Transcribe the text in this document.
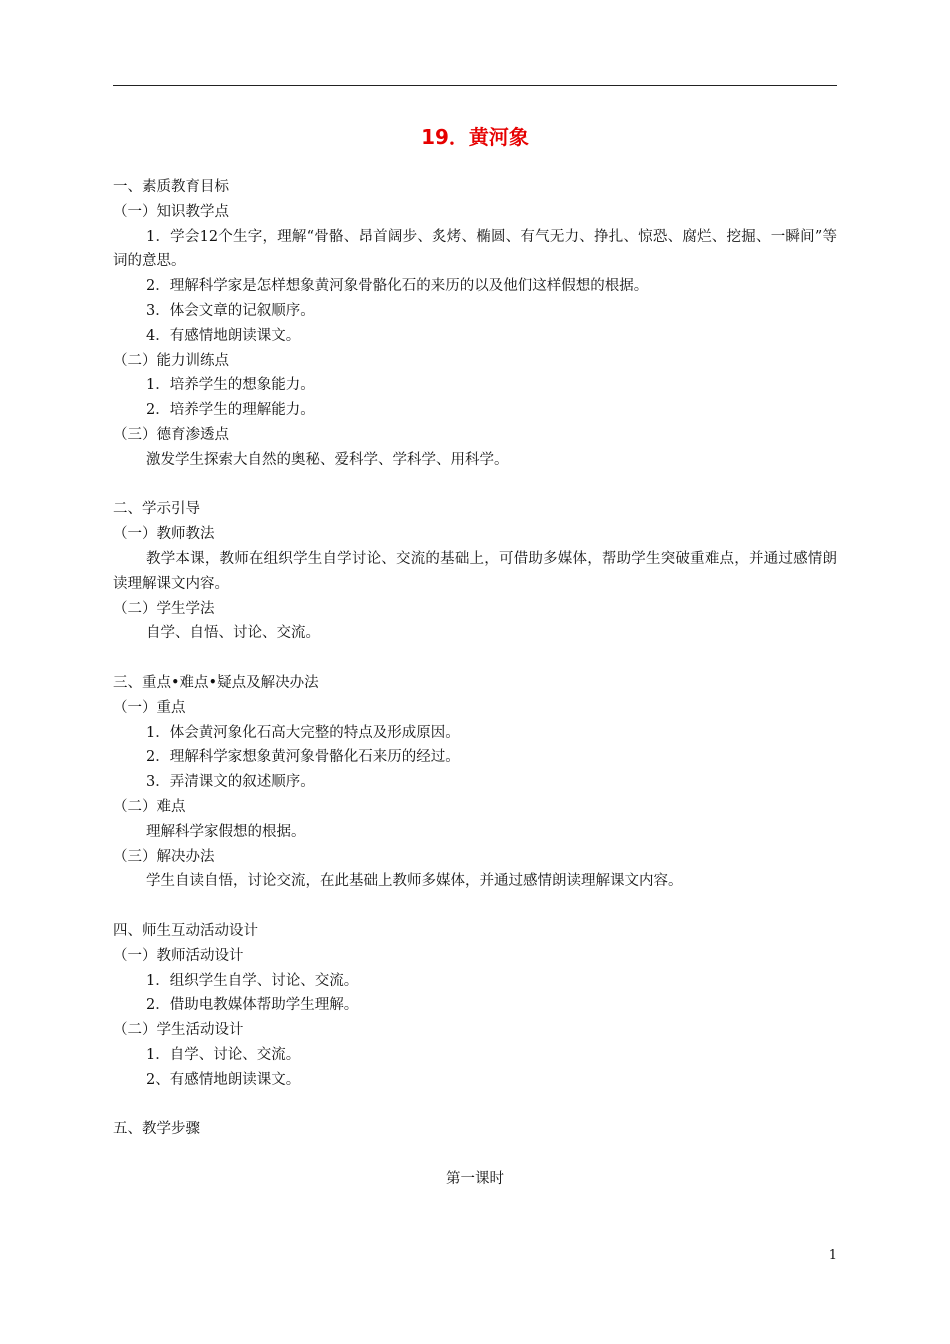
19．黄河象
一、素质教育目标
（一）知识教学点
1．学会12个生字，理解“骨骼、昂首阔步、炙烤、椭圆、有气无力、挣扎、惊恐、腐烂、挖掘、一瞬间”等词的意思。
2．理解科学家是怎样想象黄河象骨骼化石的来历的以及他们这样假想的根据。
3．体会文章的记叙顺序。
4．有感情地朗读课文。
（二）能力训练点
1．培养学生的想象能力。
2．培养学生的理解能力。
（三）德育渗透点
激发学生探索大自然的奥秘、爱科学、学科学、用科学。
二、学示引导
（一）教师教法
教学本课，教师在组织学生自学讨论、交流的基础上，可借助多媒体，帮助学生突破重难点，并通过感情朗读理解课文内容。
（二）学生学法
自学、自悟、讨论、交流。
三、重点•难点•疑点及解决办法
（一）重点
1．体会黄河象化石高大完整的特点及形成原因。
2．理解科学家想象黄河象骨骼化石来历的经过。
3．弄清课文的叙述顺序。
（二）难点
理解科学家假想的根据。
（三）解决办法
学生自读自悟，讨论交流，在此基础上教师多媒体，并通过感情朗读理解课文内容。
四、师生互动活动设计
（一）教师活动设计
1．组织学生自学、讨论、交流。
2．借助电教媒体帮助学生理解。
（二）学生活动设计
1．自学、讨论、交流。
2、有感情地朗读课文。
五、教学步骤
第一课时
1
